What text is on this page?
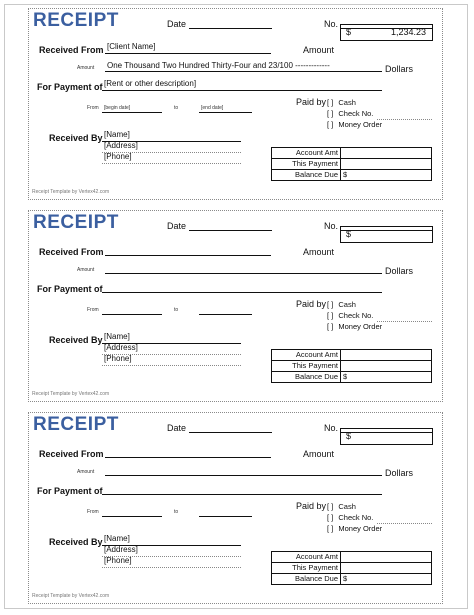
RECEIPT	Date	No.
Received From [Client Name]	Amount
$	1,234.23
Amount One Thousand Two Hundred Thirty-Four and 23/100 -------------	Dollars
For Payment of [Rent or other description]
From [begin date]	to	[end date]
Paid by [ ] Cash
[ ] Check No.
[ ] Money Order
Received By [Name]
[Address]
[Phone]	Account Amt	
This Payment	
Balance Due	$
Receipt Template by Vertex42.com
RECEIPT	Date	No.
Received From	Amount
$
Amount	Dollars
For Payment of
From	to
Paid by [ ] Cash
[ ] Check No.
[ ] Money Order
Received By [Name]
[Address]
[Phone]	Account Amt	
This Payment	
Balance Due	$
Receipt Template by Vertex42.com
RECEIPT	Date	No.
Received From	Amount
$
Amount	Dollars
For Payment of
From	to
Paid by [ ] Cash
[ ] Check No.
[ ] Money Order
Received By [Name]
[Address]
[Phone]	Account Amt	
This Payment	
Balance Due	$
Receipt Template by Vertex42.com
